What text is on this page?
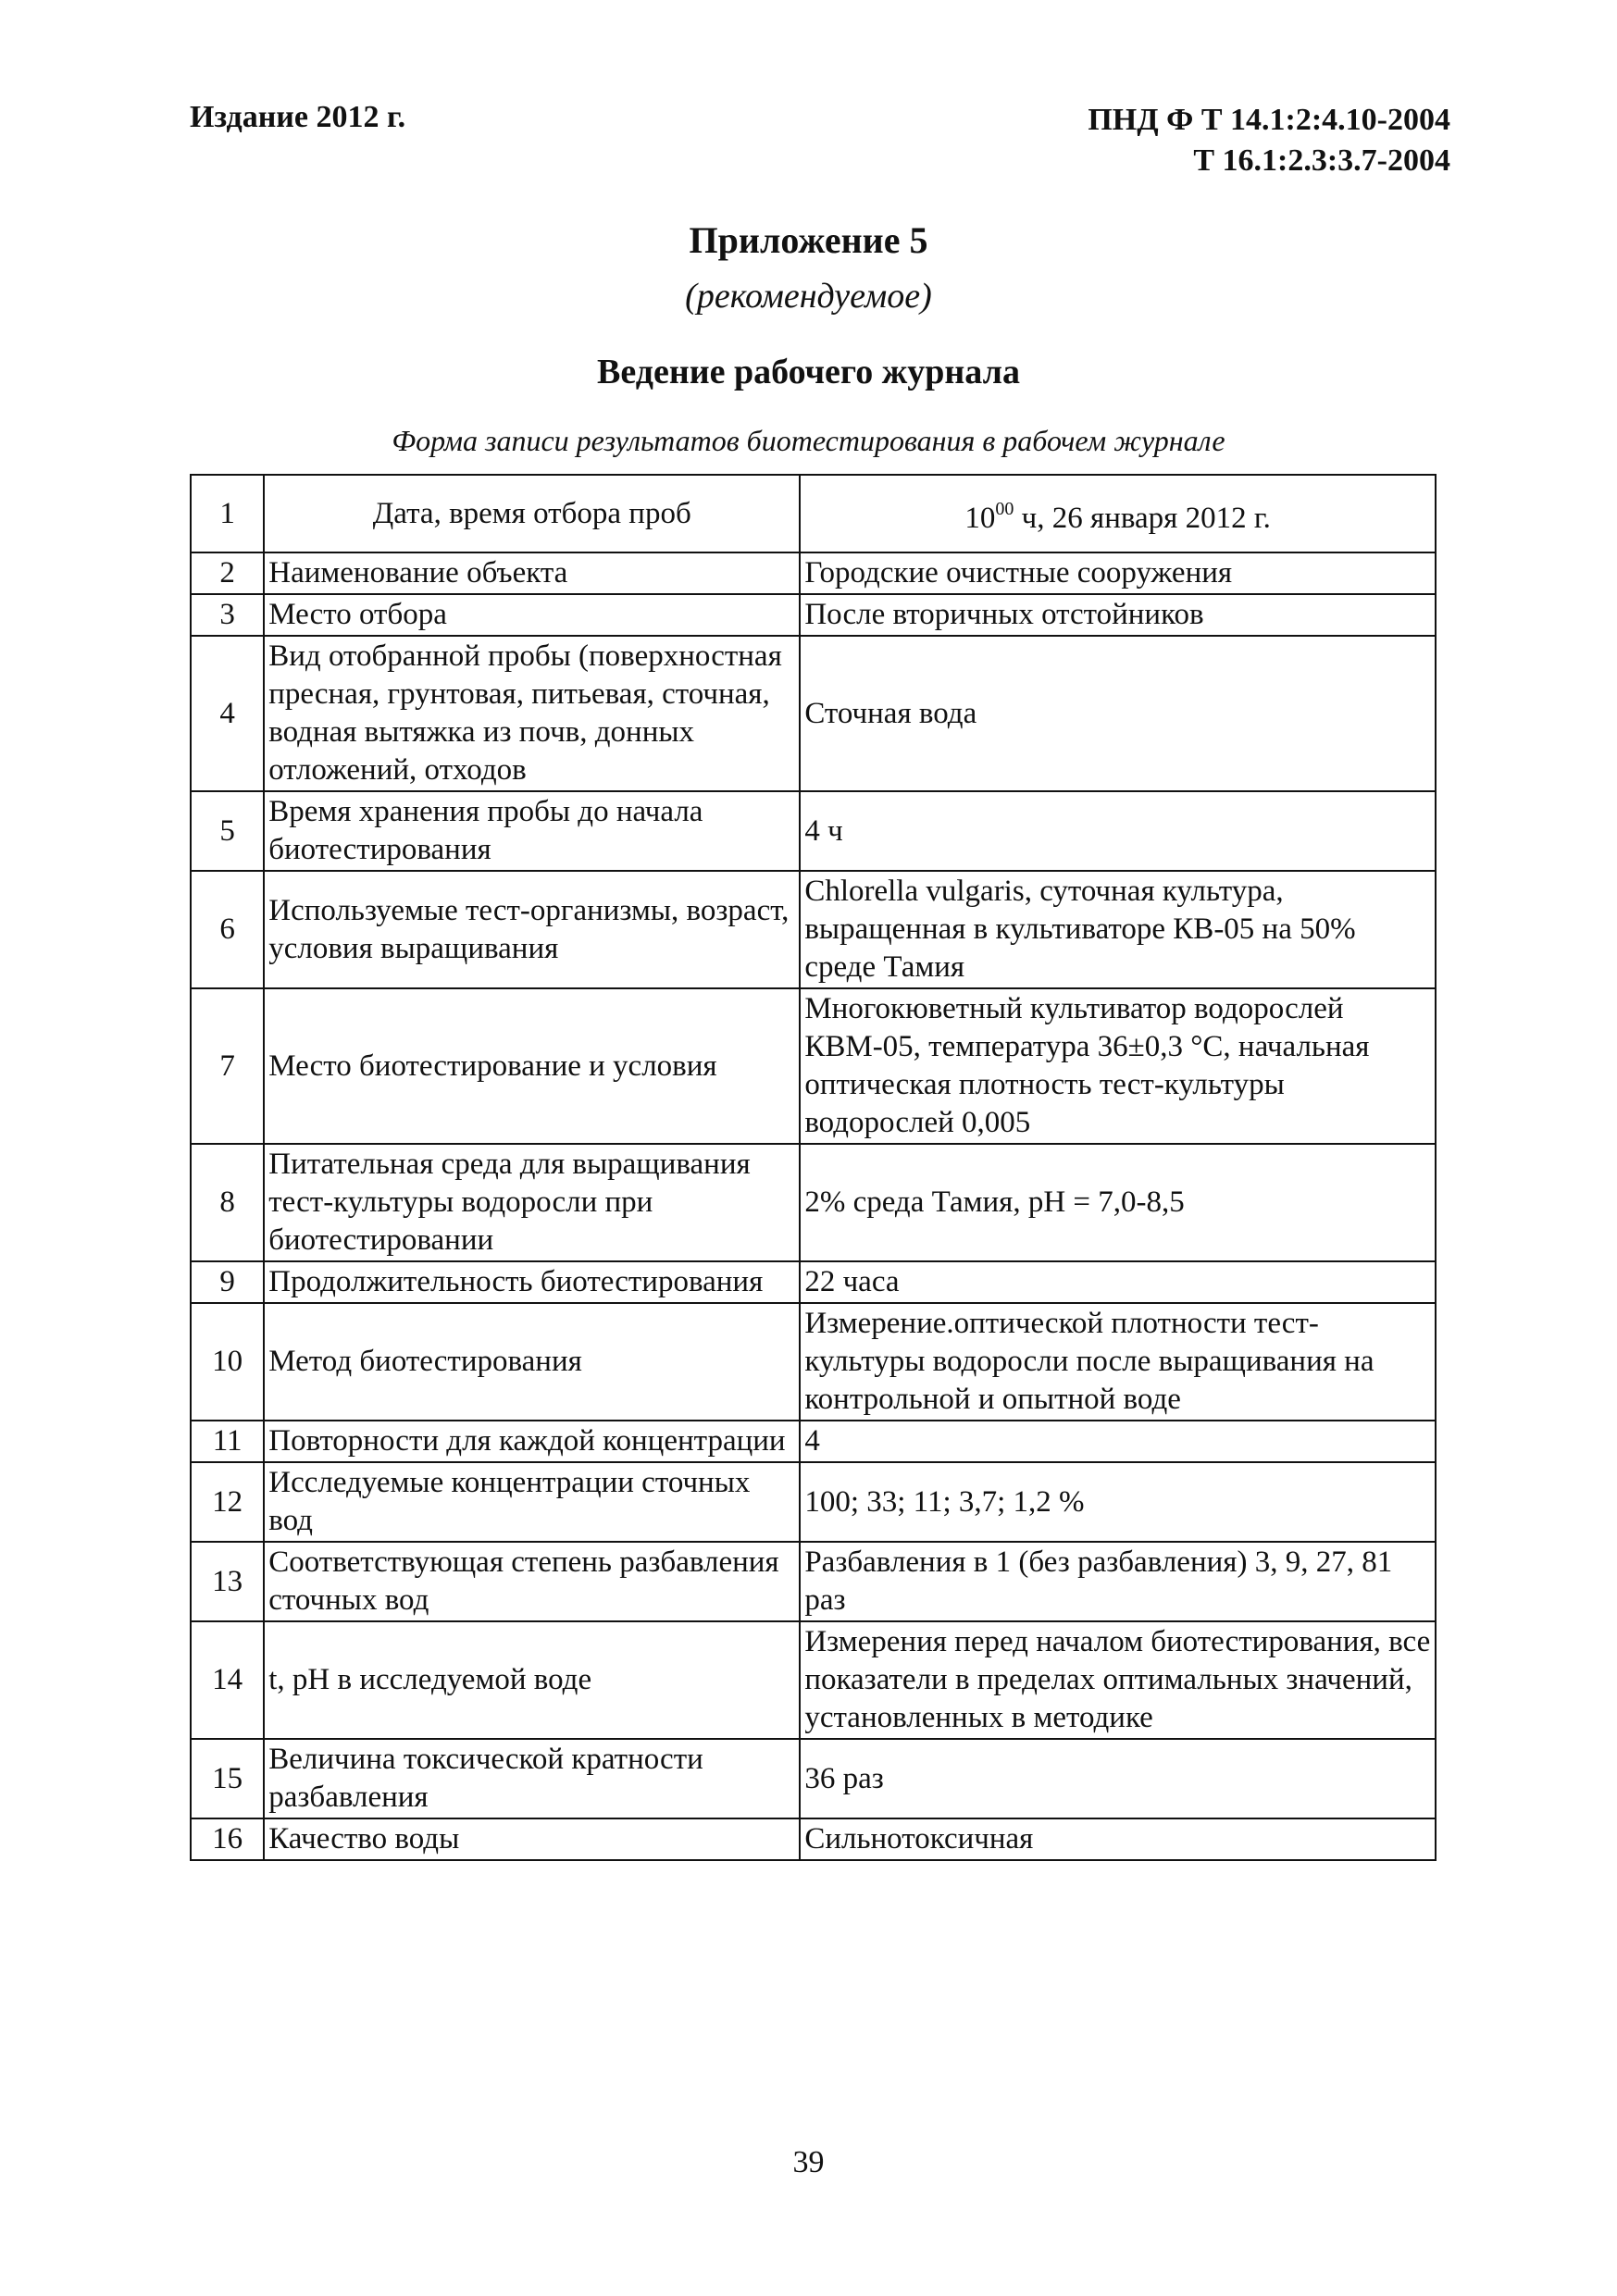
Издание 2012 г.	ПНД Ф Т 14.1:2:4.10-2004
Т 16.1:2.3:3.7-2004
Приложение 5
(рекомендуемое)
Ведение рабочего журнала
Форма записи результатов биотестирования в рабочем журнале
1	Дата, время отбора проб	$10^{00}$ ч, 26 января 2012 г.
2	Наименование объекта	Городские очистные сооружения
3	Место отбора	После вторичных отстойников
4	Вид отобранной пробы (поверхностная пресная, грунтовая, питьевая, сточная, водная вытяжка из почв, донных отложений, отходов	Сточная вода
5	Время хранения пробы до начала биотестирования	4 ч
6	Используемые тест-организмы, возраст, условия выращивания	Chlorella vulgaris, суточная культура, выращенная в культиваторе КВ-05 на 50% среде Тамия
7	Место биотестирование и условия	Многокюветный культиватор водорослей КВМ-05, температура 36±0,3 °С, начальная оптическая плотность тест-культуры водорослей 0,005
8	Питательная среда для выращивания тест-культуры водоросли при биотестировании	2% среда Тамия, pH = 7,0-8,5
9	Продолжительность биотестирования	22 часа
10	Метод биотестирования	Измерение.оптической плотности тест-культуры водоросли после выращивания на контрольной и опытной воде
11	Повторности для каждой концентрации	4
12	Исследуемые концентрации сточных вод	100; 33; 11; 3,7; 1,2 %
13	Соответствующая степень разбавления сточных вод	Разбавления в 1 (без разбавления) 3, 9, 27, 81 раз
14	t, pH в исследуемой воде	Измерения перед началом биотестирования, все показатели в пределах оптимальных значений, установленных в методике
15	Величина токсической кратности разбавления	36 раз
16	Качество воды	Сильнотоксичная
39
